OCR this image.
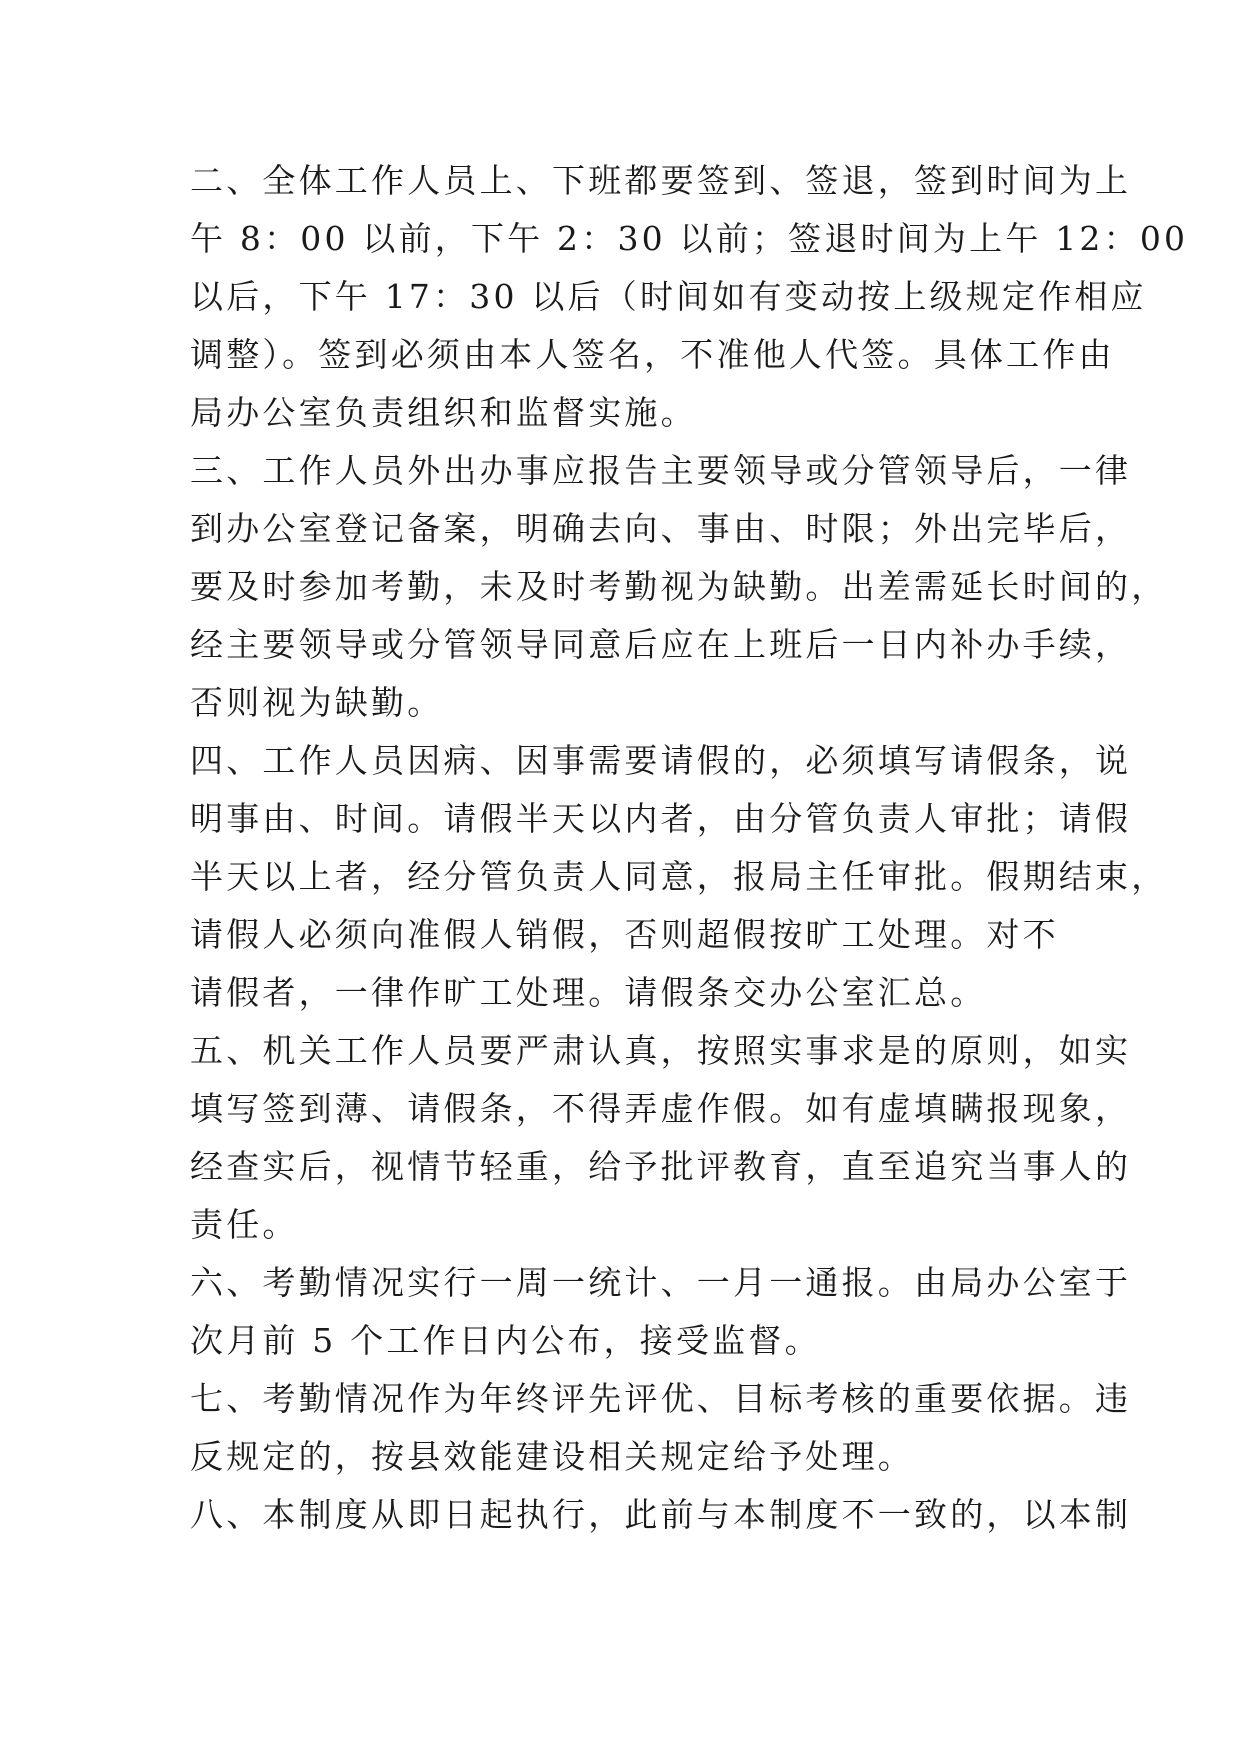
二、全体工作人员上、下班都要签到、签退，签到时间为上

午 8：00 以前，下午 2：30 以前；签退时间为上午 12：00

以后，下午 17：30 以后（时间如有变动按上级规定作相应

调整）。签到必须由本人签名，不准他人代签。具体工作由

局办公室负责组织和监督实施。

三、工作人员外出办事应报告主要领导或分管领导后，一律

到办公室登记备案，明确去向、事由、时限；外出完毕后，

要及时参加考勤，未及时考勤视为缺勤。出差需延长时间的，

经主要领导或分管领导同意后应在上班后一日内补办手续，

否则视为缺勤。

四、工作人员因病、因事需要请假的，必须填写请假条，说

明事由、时间。请假半天以内者，由分管负责人审批；请假

半天以上者，经分管负责人同意，报局主任审批。假期结束，

请假人必须向准假人销假，否则超假按旷工处理。对不

请假者，一律作旷工处理。请假条交办公室汇总。

五、机关工作人员要严肃认真，按照实事求是的原则，如实

填写签到薄、请假条，不得弄虚作假。如有虚填瞒报现象，

经查实后，视情节轻重，给予批评教育，直至追究当事人的

责任。

六、考勤情况实行一周一统计、一月一通报。由局办公室于

次月前 5 个工作日内公布，接受监督。

七、考勤情况作为年终评先评优、目标考核的重要依据。违

反规定的，按县效能建设相关规定给予处理。

八、本制度从即日起执行，此前与本制度不一致的，以本制
